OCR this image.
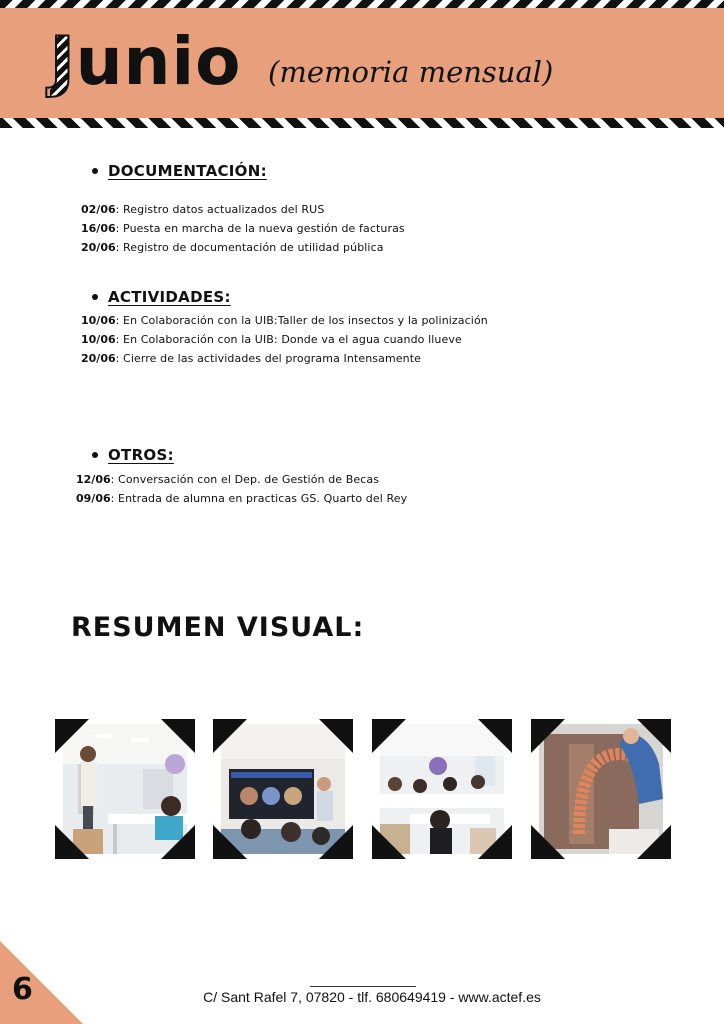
J unio (memoria mensual)
DOCUMENTACIÓN:
02/06: Registro datos actualizados del RUS
16/06: Puesta en marcha de la nueva gestión de facturas
20/06: Registro de documentación de utilidad pública
ACTIVIDADES:
10/06: En Colaboración con la UIB:Taller de los insectos y la polinización
10/06: En Colaboración con la UIB: Donde va el agua cuando llueve
20/06: Cierre de las actividades del programa Intensamente
OTROS:
12/06: Conversación con el Dep. de Gestión de Becas
09/06: Entrada de alumna en practicas GS. Quarto del Rey
RESUMEN VISUAL:
6	C/ Sant Rafel 7, 07820 - tlf. 680649419 - www.actef.es
